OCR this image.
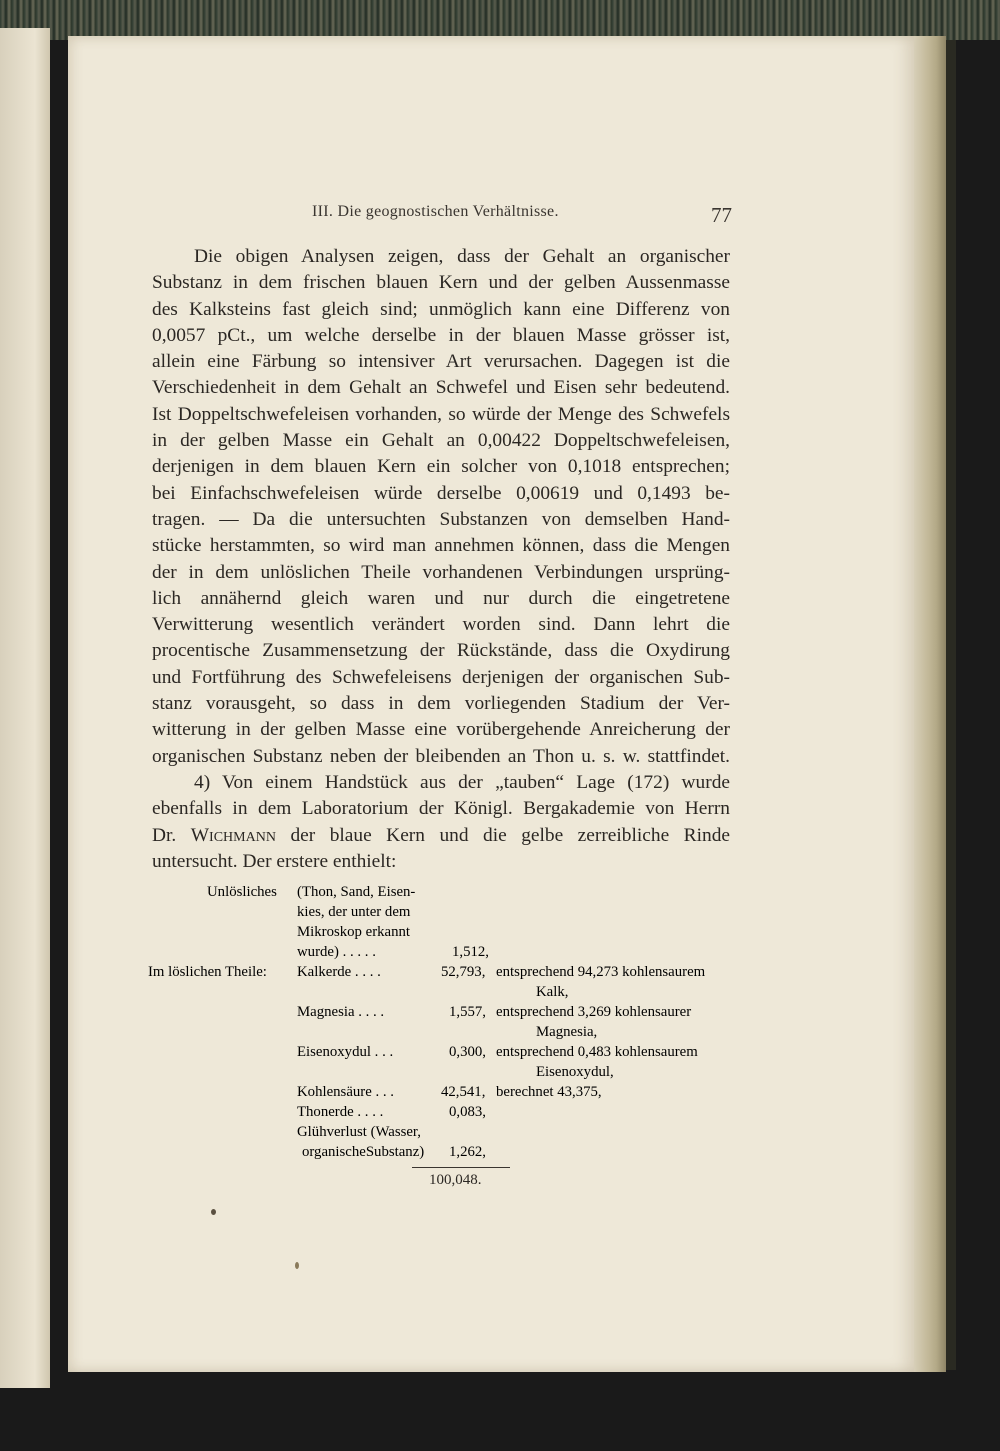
III. Die geognostischen Verhältnisse.	77
Die obigen Analysen zeigen, dass der Gehalt an organischer
Substanz in dem frischen blauen Kern und der gelben Aussenmasse
des Kalksteins fast gleich sind; unmöglich kann eine Differenz von
0,0057 pCt., um welche derselbe in der blauen Masse grösser ist,
allein eine Färbung so intensiver Art verursachen. Dagegen ist die
Verschiedenheit in dem Gehalt an Schwefel und Eisen sehr bedeutend.
Ist Doppeltschwefeleisen vorhanden, so würde der Menge des Schwefels
in der gelben Masse ein Gehalt an 0,00422 Doppeltschwefeleisen,
derjenigen in dem blauen Kern ein solcher von 0,1018 entsprechen;
bei Einfachschwefeleisen würde derselbe 0,00619 und 0,1493 be-
tragen. — Da die untersuchten Substanzen von demselben Hand-
stücke herstammten, so wird man annehmen können, dass die Mengen
der in dem unlöslichen Theile vorhandenen Verbindungen ursprüng-
lich annähernd gleich waren und nur durch die eingetretene
Verwitterung wesentlich verändert worden sind. Dann lehrt die
procentische Zusammensetzung der Rückstände, dass die Oxydirung
und Fortführung des Schwefeleisens derjenigen der organischen Sub-
stanz vorausgeht, so dass in dem vorliegenden Stadium der Ver-
witterung in der gelben Masse eine vorübergehende Anreicherung der
organischen Substanz neben der bleibenden an Thon u. s. w. stattfindet.
4) Von einem Handstück aus der „tauben“ Lage (172) wurde
ebenfalls in dem Laboratorium der Königl. Bergakademie von Herrn
Dr. Wichmann der blaue Kern und die gelbe zerreibliche Rinde
untersucht. Der erstere enthielt:
Unlösliches (Thon, Sand, Eisen-
kies, der unter dem
Mikroskop erkannt
wurde) . . . . .	1,512,
Im löslichen Theile: Kalkerde . . . .	52,793, entsprechend 94,273 kohlensaurem
Kalk,
Magnesia . . . .	1,557, entsprechend 3,269 kohlensaurer
Magnesia,
Eisenoxydul . . .	0,300, entsprechend 0,483 kohlensaurem
Eisenoxydul,
Kohlensäure . . .	42,541, berechnet 43,375,
Thonerde . . . .	0,083,
Glühverlust (Wasser,
organischeSubstanz) 1,262,
100,048.
